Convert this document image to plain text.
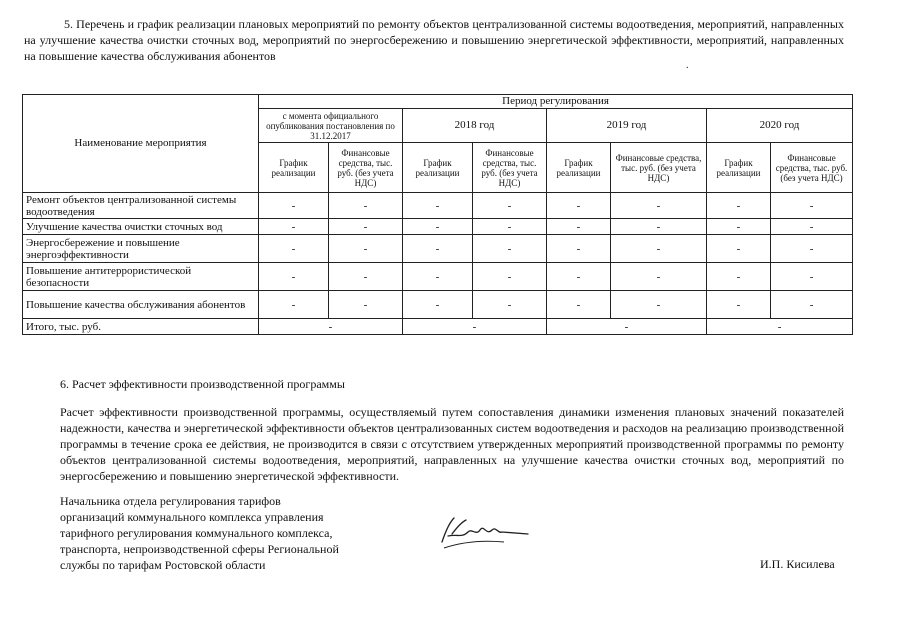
5. Перечень и график реализации плановых мероприятий по ремонту объектов централизованной системы водоотведения, мероприятий, направленных на улучшение качества очистки сточных вод, мероприятий по энергосбережению и повышению энергетической эффективности, мероприятий, направленных на повышение качества обслуживания абонентов
.
Наименование мероприятия	Период регулирования							
	с момента официального опубликования постановления по 31.12.2017		2018 год		2019 год		2020 год	
	График реализации	Финансовые средства, тыс. руб. (без учета НДС)	График реализации	Финансовые средства, тыс. руб. (без учета НДС)	График реализации	Финансовые средства, тыс. руб. (без учета НДС)	График реализации	Финансовые средства, тыс. руб. (без учета НДС)
Ремонт объектов централизованной системы водоотведения	-	-	-	-	-	-	-	-
Улучшение качества очистки сточных вод	-	-	-	-	-	-	-	-
Энергосбережение и повышение энергоэффективности	-	-	-	-	-	-	-	-
Повышение антитеррористической безопасности	-	-	-	-	-	-	-	-
Повышение качества обслуживания абонентов	-	-	-	-	-	-	-	-
Итого, тыс. руб.	-		-		-		-	
6. Расчет эффективности производственной программы
Расчет эффективности производственной программы, осуществляемый путем сопоставления динамики изменения плановых значений показателей надежности, качества и энергетической эффективности объектов централизованных систем водоотведения и расходов на реализацию производственной программы в течение срока ее действия, не производится в связи с отсутствием утвержденных мероприятий производственной программы по ремонту объектов централизованной системы водоотведения, мероприятий, направленных на улучшение качества очистки сточных вод, мероприятий по энергосбережению и повышению энергетической эффективности.
Начальника отдела регулирования тарифов
организаций коммунального комплекса управления
тарифного регулирования коммунального комплекса,
транспорта, непроизводственной сферы Региональной
службы по тарифам Ростовской области	И.П. Кисилева
